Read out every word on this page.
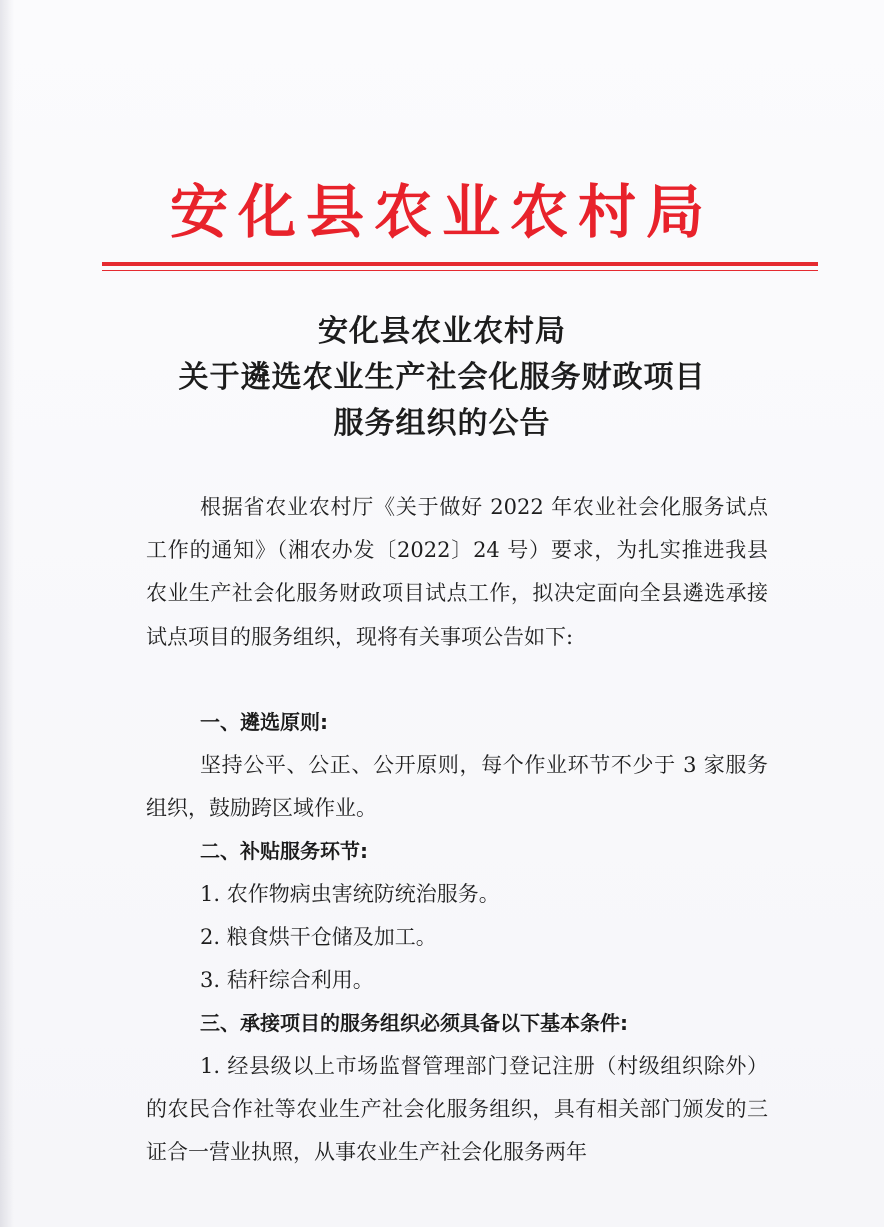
安化县农业农村局
安化县农业农村局
关于遴选农业生产社会化服务财政项目
服务组织的公告
根据省农业农村厅《关于做好 2022 年农业社会化服务试点工作的通知》（湘农办发〔2022〕24 号）要求，为扎实推进我县农业生产社会化服务财政项目试点工作，拟决定面向全县遴选承接试点项目的服务组织，现将有关事项公告如下:
一、遴选原则:
坚持公平、公正、公开原则，每个作业环节不少于 3 家服务组织，鼓励跨区域作业。
二、补贴服务环节:
1. 农作物病虫害统防统治服务。
2. 粮食烘干仓储及加工。
3. 秸秆综合利用。
三、承接项目的服务组织必须具备以下基本条件:
1. 经县级以上市场监督管理部门登记注册（村级组织除外）的农民合作社等农业生产社会化服务组织，具有相关部门颁发的三证合一营业执照，从事农业生产社会化服务两年
